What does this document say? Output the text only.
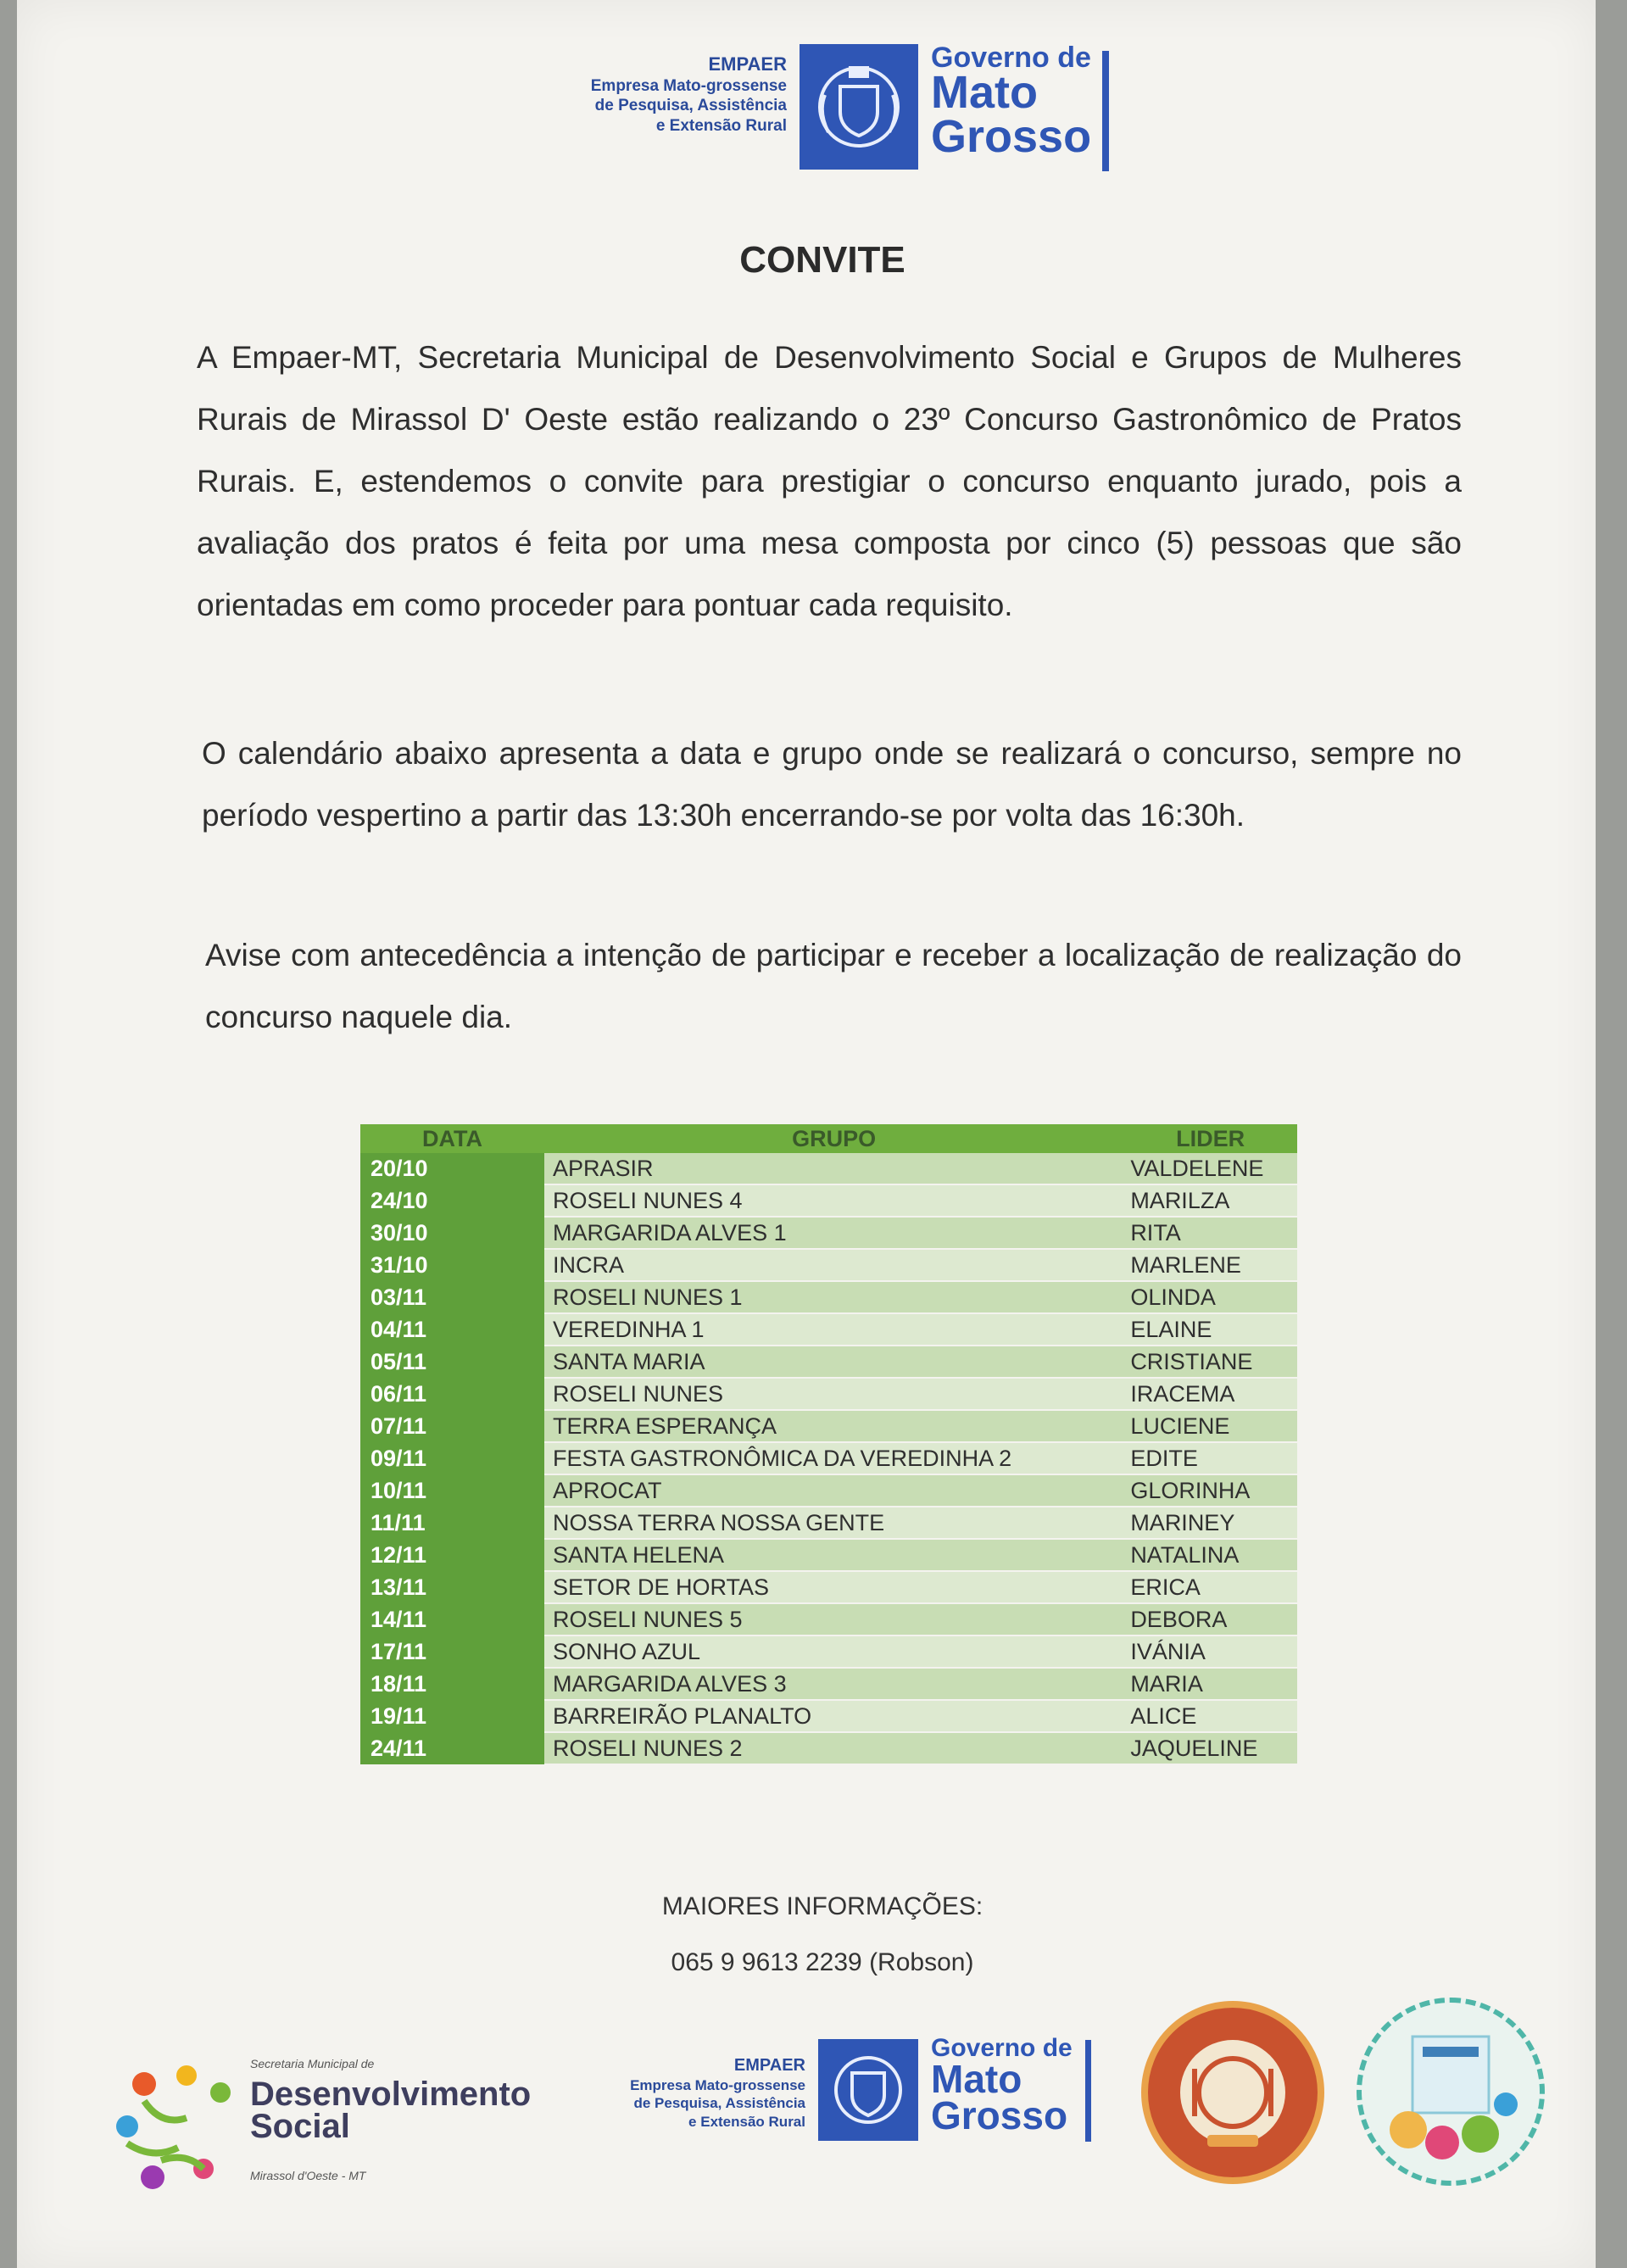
EMPAER
Empresa Mato-grossense
de Pesquisa, Assistência
e Extensão Rural
Governo de
Mato
Grosso
CONVITE
A Empaer-MT, Secretaria Municipal de Desenvolvimento Social e Grupos de Mulheres Rurais de Mirassol D' Oeste estão realizando o 23º Concurso Gastronômico de Pratos Rurais. E, estendemos o convite para prestigiar o concurso enquanto jurado, pois a avaliação dos pratos é feita por uma mesa composta por cinco (5) pessoas que são orientadas em como proceder para pontuar cada requisito.
O calendário abaixo apresenta a data e grupo onde se realizará o concurso, sempre no período vespertino a partir das 13:30h encerrando-se por volta das 16:30h.
Avise com antecedência a intenção de participar e receber a localização de realização do concurso naquele dia.
DATA	GRUPO	LIDER
20/10	APRASIR	VALDELENE
24/10	ROSELI NUNES 4	MARILZA
30/10	MARGARIDA ALVES 1	RITA
31/10	INCRA	MARLENE
03/11	ROSELI NUNES 1	OLINDA
04/11	VEREDINHA 1	ELAINE
05/11	SANTA MARIA	CRISTIANE
06/11	ROSELI NUNES	IRACEMA
07/11	TERRA ESPERANÇA	LUCIENE
09/11	FESTA GASTRONÔMICA DA VEREDINHA 2	EDITE
10/11	APROCAT	GLORINHA
11/11	NOSSA TERRA NOSSA GENTE	MARINEY
12/11	SANTA HELENA	NATALINA
13/11	SETOR DE HORTAS	ERICA
14/11	ROSELI NUNES 5	DEBORA
17/11	SONHO AZUL	IVÁNIA
18/11	MARGARIDA ALVES 3	MARIA
19/11	BARREIRÃO PLANALTO	ALICE
24/11	ROSELI NUNES 2	JAQUELINE
MAIORES INFORMAÇÕES:
065 9 9613 2239 (Robson)
Secretaria Municipal de
Desenvolvimento
Social
Mirassol d'Oeste - MT
EMPAER
Empresa Mato-grossense
de Pesquisa, Assistência
e Extensão Rural
Governo de
Mato
Grosso
